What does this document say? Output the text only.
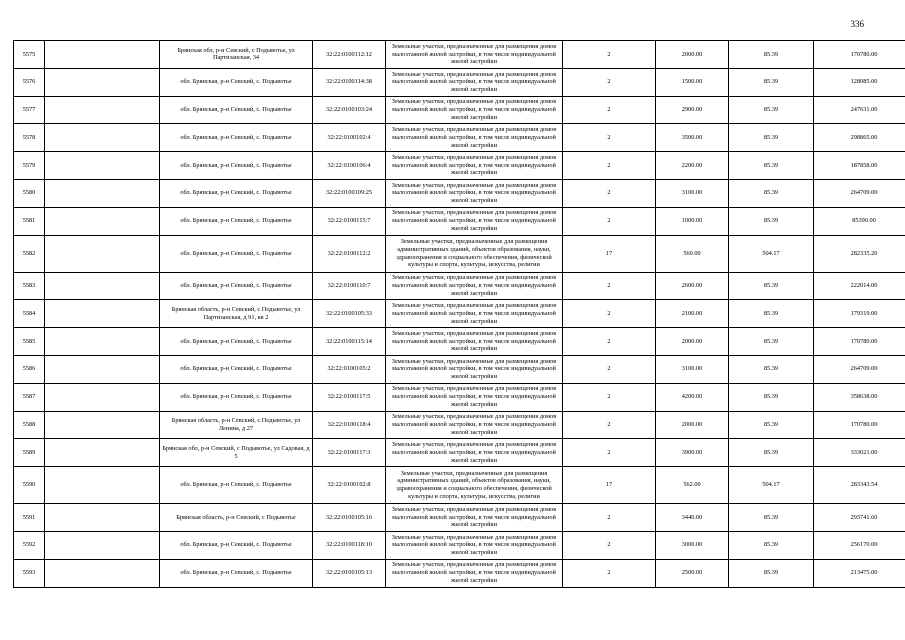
336
5575		Брянская обл, р-н Севский, с Подывотье, ул Партизанская, 34	32:22:0100112:12	Земельные участки, предназначенные для размещения домов малоэтажной жилой застройки, в том числе индивидуальной жилой застройки	2	2000.00	85.39	170780.00
5576		обл. Брянская, р-н Севский, с. Подывотье	32:22:0100114:38	Земельные участки, предназначенные для размещения домов малоэтажной жилой застройки, в том числе индивидуальной жилой застройки	2	1500.00	85.39	128085.00
5577		обл. Брянская, р-н Севский, с. Подывотье	32:22:0100103:24	Земельные участки, предназначенные для размещения домов малоэтажной жилой застройки, в том числе индивидуальной жилой застройки	2	2900.00	85.39	247631.00
5578		обл. Брянская, р-н Севский, с. Подывотье	32:22:0100102:4	Земельные участки, предназначенные для размещения домов малоэтажной жилой застройки, в том числе индивидуальной жилой застройки	2	3500.00	85.39	298865.00
5579		обл. Брянская, р-н Севский, с. Подывотье	32:22:0100106:4	Земельные участки, предназначенные для размещения домов малоэтажной жилой застройки, в том числе индивидуальной жилой застройки	2	2200.00	85.39	187858.00
5580		обл. Брянская, р-н Севский, с. Подывотье	32:22:0100109:25	Земельные участки, предназначенные для размещения домов малоэтажной жилой застройки, в том числе индивидуальной жилой застройки	2	3100.00	85.39	264709.00
5581		обл. Брянская, р-н Севский, с. Подывотье	32:22:0100115:7	Земельные участки, предназначенные для размещения домов малоэтажной жилой застройки, в том числе индивидуальной жилой застройки	2	1000.00	85.39	85390.00
5582		обл. Брянская, р-н Севский, с. Подывотье	32:22:0100112:2	Земельные участки, предназначенные для размещения административных зданий, объектов образования, науки, здравоохранения и социального обеспечения, физической культуры и спорта, культуры, искусства, религии	17	560.00	504.17	282335.20
5583		обл. Брянская, р-н Севский, с. Подывотье	32:22:0100110:7	Земельные участки, предназначенные для размещения домов малоэтажной жилой застройки, в том числе индивидуальной жилой застройки	2	2600.00	85.39	222014.00
5584		Брянская область, р-н Севский, с Подывотье, ул Партизанская, д 91, кв 2	32:22:0100105:33	Земельные участки, предназначенные для размещения домов малоэтажной жилой застройки, в том числе индивидуальной жилой застройки	2	2100.00	85.39	179319.00
5585		обл. Брянская, р-н Севский, с. Подывотье	32:22:0100115:14	Земельные участки, предназначенные для размещения домов малоэтажной жилой застройки, в том числе индивидуальной жилой застройки	2	2000.00	85.39	170780.00
5586		обл. Брянская, р-н Севский, с. Подывотье	32:22:0100105:2	Земельные участки, предназначенные для размещения домов малоэтажной жилой застройки, в том числе индивидуальной жилой застройки	2	3100.00	85.39	264709.00
5587		обл. Брянская, р-н Севский, с. Подывотье	32:22:0100117:5	Земельные участки, предназначенные для размещения домов малоэтажной жилой застройки, в том числе индивидуальной жилой застройки	2	4200.00	85.39	358638.00
5588		Брянская область, р-н Севский, с Подывотье, ул Ленина, д 27	32:22:0100118:4	Земельные участки, предназначенные для размещения домов малоэтажной жилой застройки, в том числе индивидуальной жилой застройки	2	2000.00	85.39	170780.00
5589		Брянская обл, р-н Севский, с Подывотье, ул Садовая, д 5	32:22:0100117:3	Земельные участки, предназначенные для размещения домов малоэтажной жилой застройки, в том числе индивидуальной жилой застройки	2	3900.00	85.39	333021.00
5590		обл. Брянская, р-н Севский, с. Подывотье	32:22:0100102:8	Земельные участки, предназначенные для размещения административных зданий, объектов образования, науки, здравоохранения и социального обеспечения, физической культуры и спорта, культуры, искусства, религии	17	562.00	504.17	283343.54
5591		Брянская область, р-н Севский, с Подывотье	32:22:0100105:16	Земельные участки, предназначенные для размещения домов малоэтажной жилой застройки, в том числе индивидуальной жилой застройки	2	3440.00	85.39	293741.60
5592		обл. Брянская, р-н Севский, с. Подывотье	32:22:0100118:10	Земельные участки, предназначенные для размещения домов малоэтажной жилой застройки, в том числе индивидуальной жилой застройки	2	3000.00	85.39	256170.00
5593		обл. Брянская, р-н Севский, с. Подывотье	32:22:0100105:13	Земельные участки, предназначенные для размещения домов малоэтажной жилой застройки, в том числе индивидуальной жилой застройки	2	2500.00	85.39	213475.00
